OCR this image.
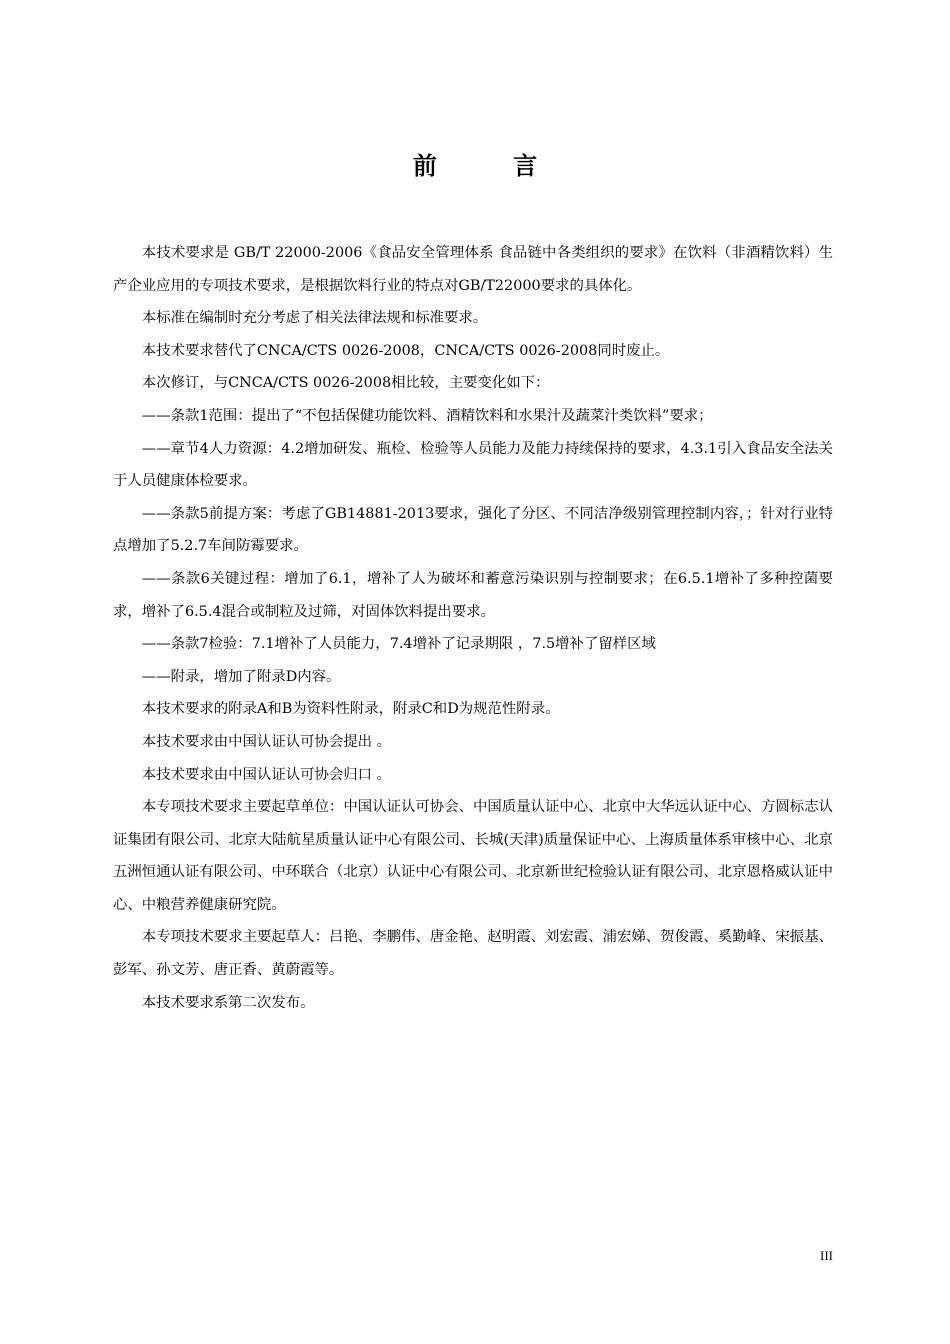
前 言

本技术要求是 GB/T 22000-2006《食品安全管理体系 食品链中各类组织的要求》在饮料（非酒精饮料）生产企业应用的专项技术要求，是根据饮料行业的特点对GB/T22000要求的具体化。

本标准在编制时充分考虑了相关法律法规和标准要求。

本技术要求替代了CNCA/CTS 0026-2008，CNCA/CTS 0026-2008同时废止。

本次修订，与CNCA/CTS 0026-2008相比较，主要变化如下：

——条款1范围：提出了“不包括保健功能饮料、酒精饮料和水果汁及蔬菜汁类饮料”要求；

——章节4人力资源：4.2增加研发、瓶检、检验等人员能力及能力持续保持的要求，4.3.1引入食品安全法关于人员健康体检要求。

——条款5前提方案：考虑了GB14881-2013要求，强化了分区、不同洁净级别管理控制内容，；针对行业特点增加了5.2.7车间防霉要求。

——条款6关键过程：增加了6.1，增补了人为破坏和蓄意污染识别与控制要求；在6.5.1增补了多种控菌要求，增补了6.5.4混合或制粒及过筛，对固体饮料提出要求。

——条款7检验：7.1增补了人员能力，7.4增补了记录期限 ，7.5增补了留样区域

——附录，增加了附录D内容。

本技术要求的附录A和B为资料性附录，附录C和D为规范性附录。

本技术要求由中国认证认可协会提出 。

本技术要求由中国认证认可协会归口 。

本专项技术要求主要起草单位：中国认证认可协会、中国质量认证中心、北京中大华远认证中心、方圆标志认证集团有限公司、北京大陆航星质量认证中心有限公司、长城(天津)质量保证中心、上海质量体系审核中心、北京五洲恒通认证有限公司、中环联合（北京）认证中心有限公司、北京新世纪检验认证有限公司、北京恩格威认证中心、中粮营养健康研究院。

本专项技术要求主要起草人：吕艳、李鹏伟、唐金艳、赵明霞、刘宏霞、浦宏娣、贺俊霞、奚勤峰、宋振基、彭军、孙文芳、唐正香、黄蔚霞等。

本技术要求系第二次发布。

III
